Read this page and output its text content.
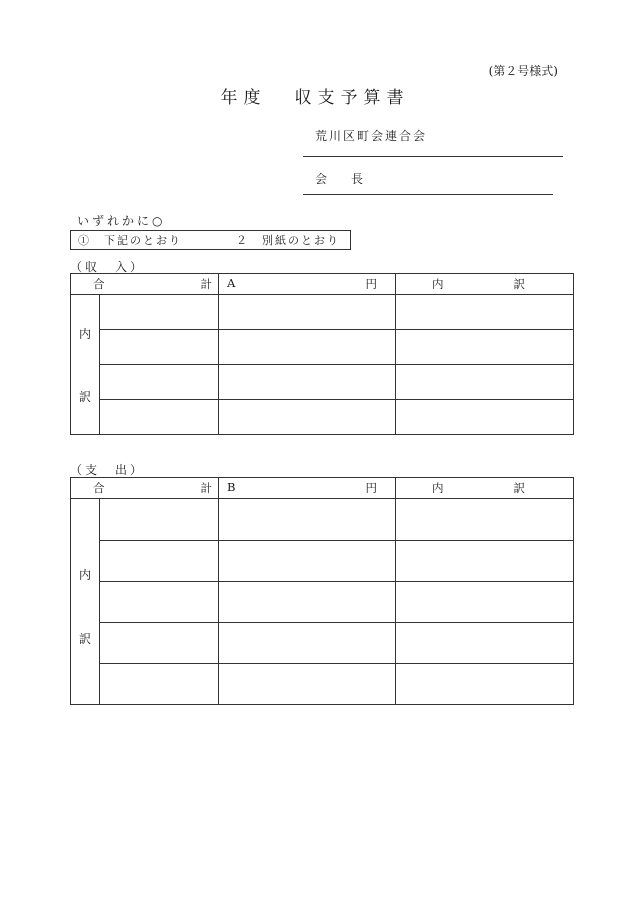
(第２号様式)
年度 収支予算書
荒川区町会連合会
会長
いずれかに○
①　下記のとおり	２　別紙のとおり
（収　入）
合 計		A 円	内 訳

内
訳			

（支　出）
合 計		B 円	内 訳

内
訳			
